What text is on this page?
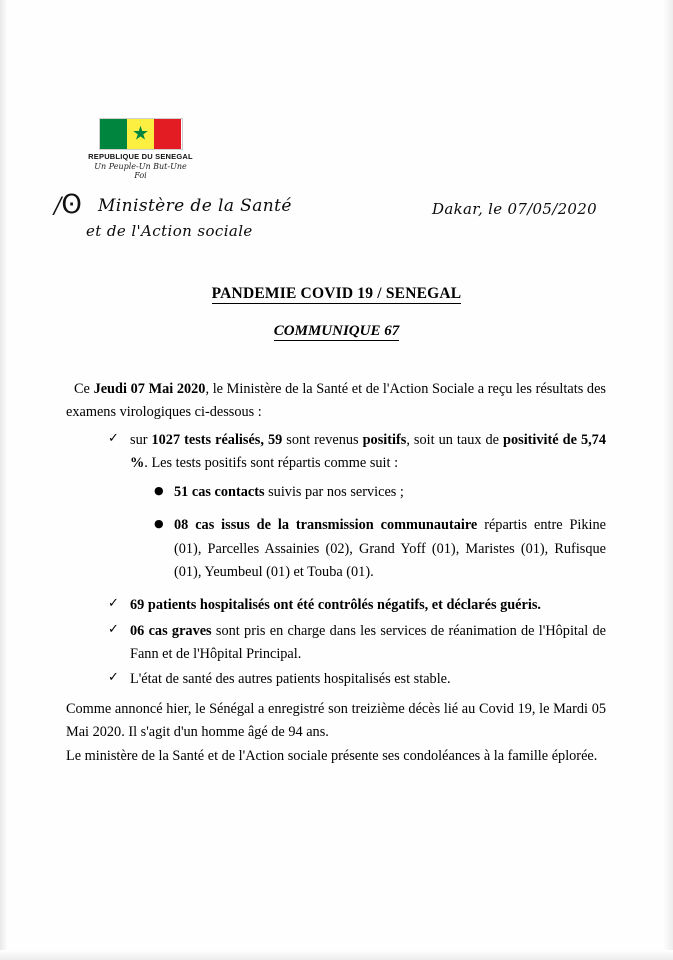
★
REPUBLIQUE DU SENEGAL
Un Peuple-Un But-Une Foi
/Ꙩ Ministère de la Santé
et de l'Action sociale
Dakar, le 07/05/2020
PANDEMIE COVID 19 / SENEGAL
COMMUNIQUE 67

Ce Jeudi 07 Mai 2020, le Ministère de la Santé et de l'Action Sociale a reçu les résultats des examens virologiques ci-dessous :

✓ sur 1027 tests réalisés, 59 sont revenus positifs, soit un taux de positivité de 5,74 %. Les tests positifs sont répartis comme suit :
● 51 cas contacts suivis par nos services ;
● 08 cas issus de la transmission communautaire répartis entre Pikine (01), Parcelles Assainies (02), Grand Yoff (01), Maristes (01), Rufisque (01), Yeumbeul (01) et Touba (01).
✓ 69 patients hospitalisés ont été contrôlés négatifs, et déclarés guéris.
✓ 06 cas graves sont pris en charge dans les services de réanimation de l'Hôpital de Fann et de l'Hôpital Principal.
✓ L'état de santé des autres patients hospitalisés est stable.

Comme annoncé hier, le Sénégal a enregistré son treizième décès lié au Covid 19, le Mardi 05 Mai 2020. Il s'agit d'un homme âgé de 94 ans.

Le ministère de la Santé et de l'Action sociale présente ses condoléances à la famille éplorée.
